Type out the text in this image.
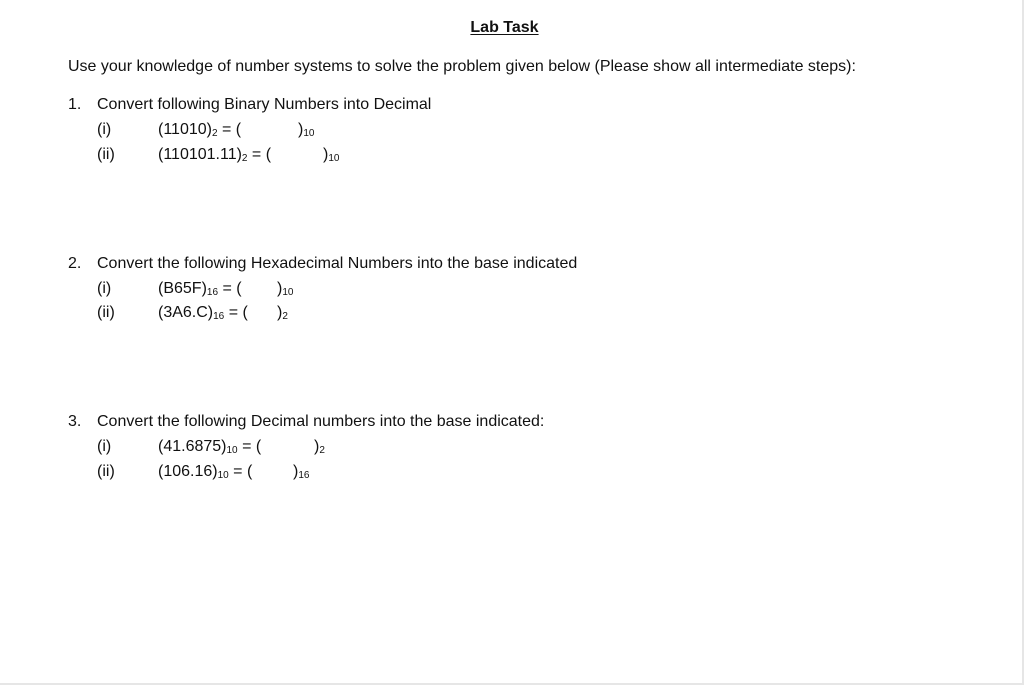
Lab Task
Use your knowledge of number systems to solve the problem given below (Please show all intermediate steps):
1. Convert following Binary Numbers into Decimal
(i)	$(11010)_2$ = (	)$_{10}$
(ii)	$(110101.11)_2$ = (	)$_{10}$
2. Convert the following Hexadecimal Numbers into the base indicated
(i)	$(B65F)_{16}$ = ( )$_{10}$
(ii)	$(3A6.C)_{16}$ = ( )$_2$
3. Convert the following Decimal numbers into the base indicated:
(i)	$(41.6875)_{10}$ = (	)$_2$
(ii)	$(106.16)_{10}$ = (	)$_{16}$
